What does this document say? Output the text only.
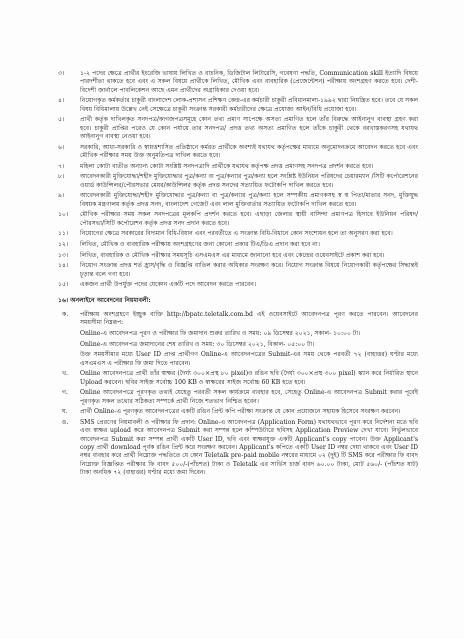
৩।	১-২ পদের ক্ষেত্রে প্রার্থীর ইংরেজি ভাষায় লিখিত ও বাচনিক, ডিজিটাল লিটারেসি, গবেষণা পদ্ধতি, Communication skill ইত্যাদি বিষয়ে পারদর্শীতা থাকতে হবে এবং এ সকল বিষয়ে প্রার্থীকে লিখিত, মৌখিক এবং ব্যবহারিক (প্রেজেন্টেশন) পরীক্ষায় অংশগ্রহণ করতে হবে। দেশী-বিদেশী জার্নালে পাবলিকেশন আছে এমন প্রার্থীদের অগ্রাধিকার দেওয়া হবে।
৪।	নিয়োগকৃত কর্মকর্তার চাকুরী বাংলাদেশ লোক-প্রশাসন প্রশিক্ষণ কেন্দ্র-এর কর্মচারী চাকুরী প্রবিধানমালা-১৯৯২ দ্বারা নিয়ন্ত্রিত হবে। তবে যে সকল বিষয় বিধিমালায় উল্লেখ নেই সেক্ষেত্রে চাকুরী সংক্রান্ত সরকারী কর্মচারীদের ক্ষেত্রে প্রযোজ্য আইন/বিধি প্রযোজ্য হবে।
৫।	প্রার্থী কর্তৃক দাখিলকৃত সনদপত্র/কাগজপত্রসমূহে কোন তথ্য প্রমাণ সাপেক্ষে অসত্য প্রমাণিত হলে তাঁর বিরুদ্ধে আইনানুগ ব্যবস্থা গ্রহণ করা হবে। চাকুরী প্রাপ্তির পরেও যে কোন পর্যায়ে তার সনদপত্র/ প্রদত্ত তথ্য অসত্য প্রমাণিত হলে তাঁকে চাকুরী থেকে বরখাস্তকরণসহ যথাযথ আইনানুগ ব্যবস্থা নেওয়া হবে।
৬।	সরকারি, আধা-সরকারি ও স্বায়ত্তশাসিত প্রতিষ্ঠানে কর্মরত প্রার্থীকে অবশ্যই যথাযথ কর্তৃপক্ষের মাধ্যমে অনুমোদনক্রমে আবেদন করতে হবে এবং মৌখিক পরীক্ষার সময় উক্ত অনুমতিপত্র দাখিল করতে হবে।
৭।	মহিলা কোটা ব্যতীত অন্যান্য কোটা সংশ্লিষ্ট সনদপত্রাদি প্রার্থীকে যথাযথ কর্তৃপক্ষ প্রদত্ত প্রমাণসহ সনদপত্র প্রদর্শন করতে হবে।
৮।	আবেদনকারী মুক্তিযোদ্ধা/শহীদ মুক্তিযোদ্ধার পুত্র/কন্যা বা পুত্র/কন্যার পুত্র/কন্যা হলে সংশ্লিষ্ট ইউনিয়ন পরিষদের চেয়ারম্যান /সিটি কর্পোরেশনের ওয়ার্ড কাউন্সিলর/পৌরসভার মেয়র/কাউন্সিলর কর্তৃক প্রদত্ত সনদের সত্যায়িত ফটোকপি দাখিল করতে হবে।
৯।	আবেদনকারী মুক্তিযোদ্ধা/শহীদ মুক্তিযোদ্ধার পুত্র/কন্যা বা পুত্র/কন্যার পুত্র/কন্যা হলে সম্পর্কীয় প্রমাণকসহ স্ব স্ব পিতা/মাতার সনদ, মুক্তিযুদ্ধ বিষয়ক মন্ত্রণালয় কর্তৃক প্রদত্ত সনদ, বাংলাদেশ গেজেট এবং লাল মুক্তিবার্তার সত্যায়িত ফটোকপি দাখিল করতে হবে।
১০।	মৌখিক পরীক্ষার সময় সকল সনদপত্রের মূলকপি প্রদর্শন করতে হবে। এছাড়া জেলার স্থায়ী বাসিন্দা প্রমাণপত্র হিসাবে ইউনিয়ন পরিষদ/পৌরসভা/সিটি কর্পোরেশন কর্তৃক প্রদত্ত সনদ প্রদান করতে হবে।
১১।	নিয়োগের ক্ষেত্রে সরকারের বিদ্যমান বিধি-বিধান এবং পরবর্তীতে এ সংক্রান্ত বিধি-বিধানে কোন সংশোধন হলে তা অনুসরণ করা হবে।
১২।	লিখিত, মৌখিক ও ব্যবহারিক পরীক্ষায় অংশগ্রহণের জন্য কোনো প্রকার টিএ/ডিএ প্রদান করা হবে না।
১৩।	লিখিত, ব্যবহারিক ও মৌখিক পরীক্ষার সময়সূচি এসএমএস এর মাধ্যমে জানানো হবে এবং কেন্দ্রের ওয়েবসাইটে প্রকাশ করা হবে।
১৪।	নিয়োগ সংক্রান্ত প্রদত্ত শর্ত হ্রাস/বৃদ্ধি ও বিজ্ঞপ্তি বাতিল করার অধিকার সংরক্ষণ করে। নিয়োগ সংক্রান্ত বিষয়ে নিয়োগকারী কর্তৃপক্ষের সিদ্ধান্তই চূড়ান্ত বলে গণ্য হবে।
১৫।	একজন প্রার্থী উপর্যুক্ত পদের যেকোন একটি পদে আবেদন করতে পারবেন।
১৬। অনলাইনে আবেদনের নিয়মাবলী:
ক.	পরীক্ষায় অংশগ্রহণে ইচ্ছুক ব্যক্তি http://bpatc.teletalk.com.bd এই ওয়েবসাইটে আবেদনপত্র পূরণ করতে পারবেন। আবেদনের সময়সীমা নিম্নরূপ:
Online-এ আবেদনপত্র পূরণ ও পরীক্ষার ফি জমাদান শুরুর তারিখ ও সময়: ০৯ ডিসেম্বর ২০২১, সকাল- ১০:০০ টা।
Online-এ আবেদনপত্র জমাদানের শেষ তারিখ ও সময়: ৩০ ডিসেম্বর ২০২১, বিকাল- ০৫:০০ টা।
উক্ত সময়সীমার মধ্যে User ID প্রাপ্ত প্রার্থীগণ Online-এ আবেদনপত্রের Submit-এর সময় থেকে পরবর্তী ৭২ (বাহাত্তর) ঘণ্টার মধ্যে এসএমএস এ পরীক্ষার ফি জমা দিতে পারবেন।
খ.	Online আবেদনপত্রে প্রার্থী তাঁর স্বাক্ষর (দৈর্ঘ্য ৩০০×প্রস্থ ৮০ pixel)ও রঙিন ছবি (দৈর্ঘ্য ৩০০×প্রস্থ ৩০০ pixel) স্ক্যান করে নির্ধারিত স্থানে Upload করবেন। ছবির সাইজ সর্বোচ্চ 100 KB ও স্বাক্ষরের সাইজ সর্বোচ্চ 60 KB হতে হবে।
গ.	Online আবেদনপত্রে পূরণকৃত তথ্যই যেহেতু পরবর্তী সকল কার্যক্রমে ব্যবহার হবে, সেহেতু Online-এ আবেদনপত্র Submit করার পূর্বেই পূরণকৃত সকল তথ্যের সঠিকতা সম্পর্কে প্রার্থী নিজে শতভাগ নিশ্চিত হবেন।
ঘ.	প্রার্থী Online-এ পূরণকৃত আবেদনপত্রের একটি রঙিন প্রিন্ট কপি পরীক্ষা সংক্রান্ত যে কোন প্রয়োজনে সহায়ক হিসেবে সংরক্ষণ করবেন।
ঙ.	SMS প্রেরণের নিয়মাবলী ও পরীক্ষার ফি প্রদান: Online-এ আবেদনপত্র (Application Form) যথাযথভাবে পূরণ করে নির্দেশনা মতে ছবি এবং স্বাক্ষর upload করে আবেদনপত্র Submit করা সম্পন্ন হলে কম্পিউটারে ছবিসহ Application Preview দেখা যাবে। নির্ভুলভাবে আবেদনপত্র Submit করা সম্পন্ন প্রার্থী একটি User ID, ছবি এবং স্বাক্ষরযুক্ত একটি Applicant's copy পাবেন। উক্ত Applicant's copy প্রার্থী download পূর্বক রঙিন প্রিন্ট করে সংরক্ষণ করবেন। Applicant's কপিতে একটি User ID নম্বর দেয়া থাকবে এবং User ID নম্বর ব্যবহার করে প্রার্থী নিম্নোক্ত পদ্ধতিতে যে কোন Teletalk pre-paid mobile নম্বরের মাধ্যমে ০২ (দুই) টি SMS করে পরীক্ষার ফি বাবদ নিম্নোক্ত বিজ্ঞপ্তিত পরীক্ষার ফি বাবদ ৫০০/-(পাঁচশত) টাকা ও Teletalk এর সার্ভিস চার্জ বাবদ ৬০.০০ টাকা, মোট ৫৬০/- (পাঁচশত ষাট) টাকা অনধিক ৭২ (বাহাত্তর) ঘণ্টার মধ্যে জমা দিবেন।
